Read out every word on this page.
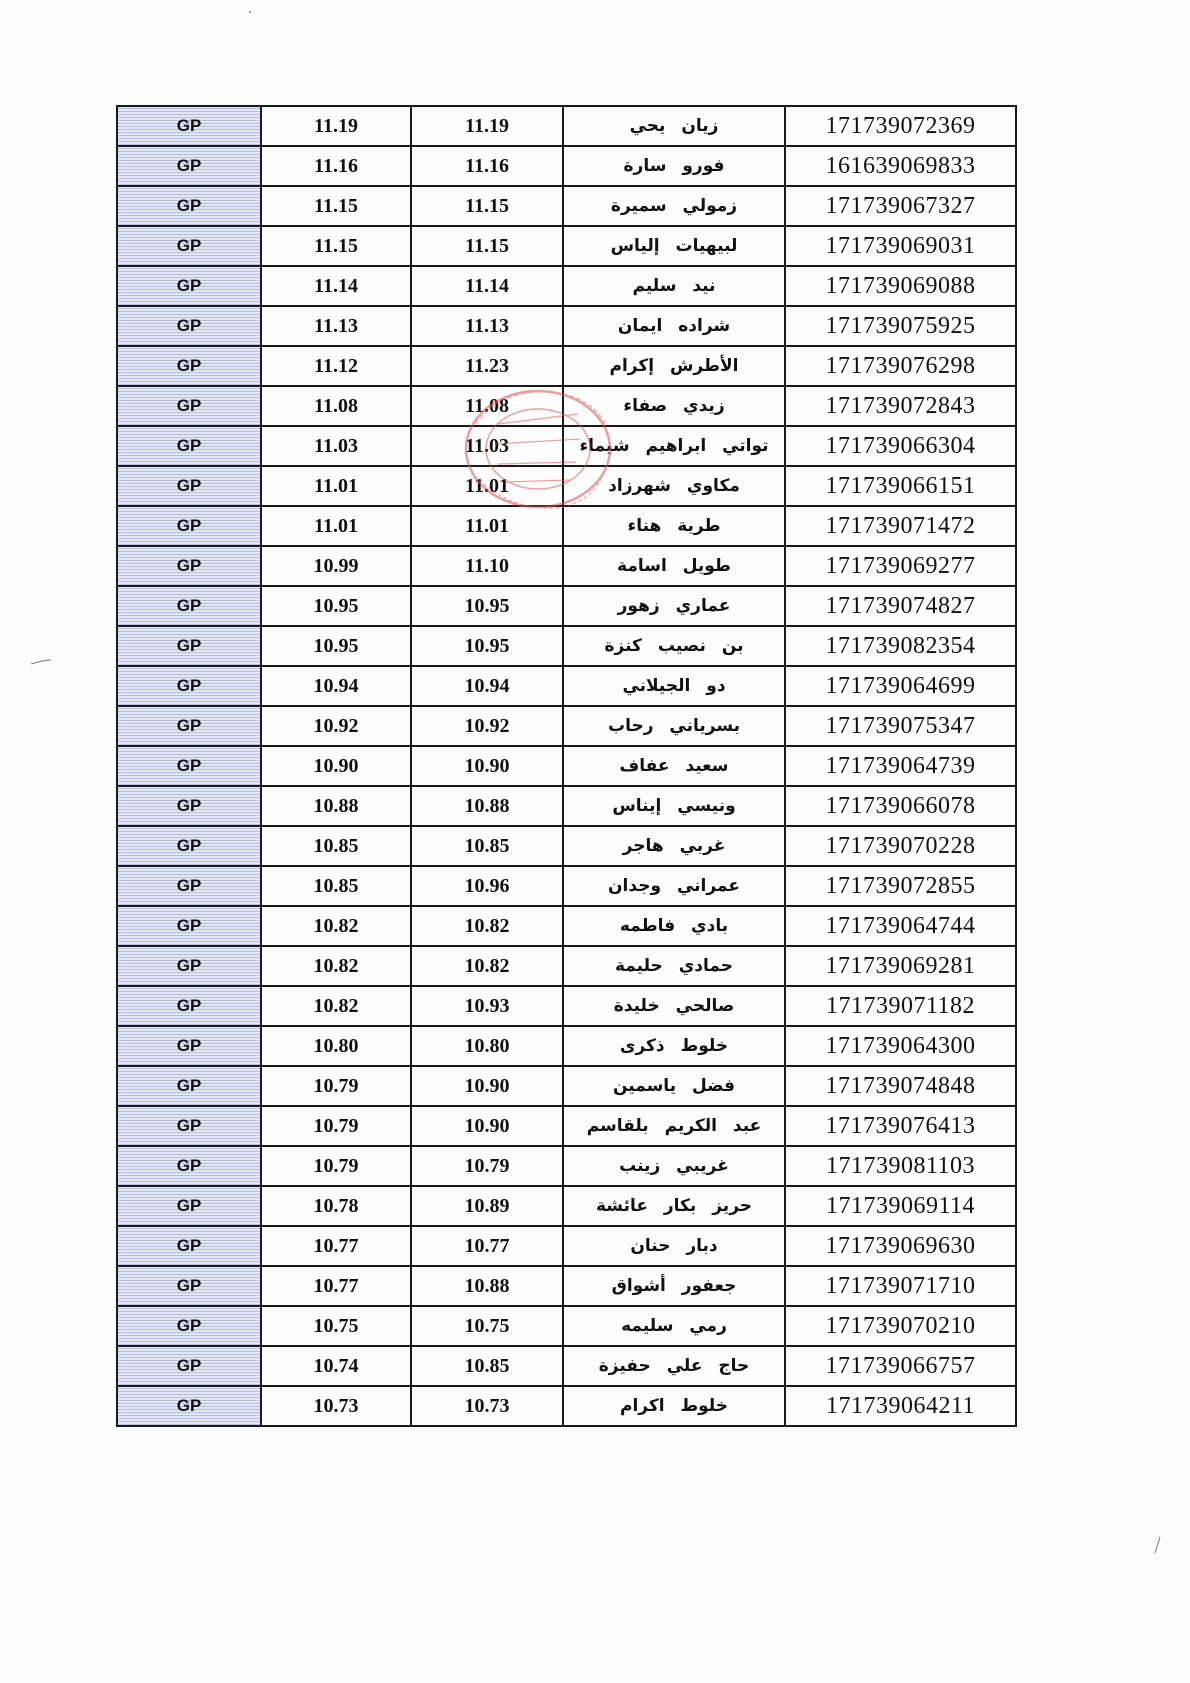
GP	11.19	11.19	زيان يحي	171739072369
GP	11.16	11.16	فورو سارة	161639069833
GP	11.15	11.15	زمولي سميرة	171739067327
GP	11.15	11.15	لبيهيات إلياس	171739069031
GP	11.14	11.14	نيد سليم	171739069088
GP	11.13	11.13	شراده ايمان	171739075925
GP	11.12	11.23	الأطرش إكرام	171739076298
GP	11.08	11.08	زيدي صفاء	171739072843
GP	11.03	11.03	تواتي ابراهيم شيماء	171739066304
GP	11.01	11.01	مكاوي شهرزاد	171739066151
GP	11.01	11.01	طرية هناء	171739071472
GP	10.99	11.10	طويل اسامة	171739069277
GP	10.95	10.95	عماري زهور	171739074827
GP	10.95	10.95	بن نصيب كنزة	171739082354
GP	10.94	10.94	دو الجيلاني	171739064699
GP	10.92	10.92	بسرياني رحاب	171739075347
GP	10.90	10.90	سعيد عفاف	171739064739
GP	10.88	10.88	ونيسي إيناس	171739066078
GP	10.85	10.85	غربي هاجر	171739070228
GP	10.85	10.96	عمراني وجدان	171739072855
GP	10.82	10.82	بادي فاطمه	171739064744
GP	10.82	10.82	حمادي حليمة	171739069281
GP	10.82	10.93	صالحي خليدة	171739071182
GP	10.80	10.80	خلوط ذكرى	171739064300
GP	10.79	10.90	فضل ياسمين	171739074848
GP	10.79	10.90	عبد الكريم بلقاسم	171739076413
GP	10.79	10.79	غريبي زينب	171739081103
GP	10.78	10.89	حريز بكار عائشة	171739069114
GP	10.77	10.77	دبار حنان	171739069630
GP	10.77	10.88	جعفور أشواق	171739071710
GP	10.75	10.75	رمي سليمه	171739070210
GP	10.74	10.85	حاج علي حفيزة	171739066757
GP	10.73	10.73	خلوط اكرام	171739064211
